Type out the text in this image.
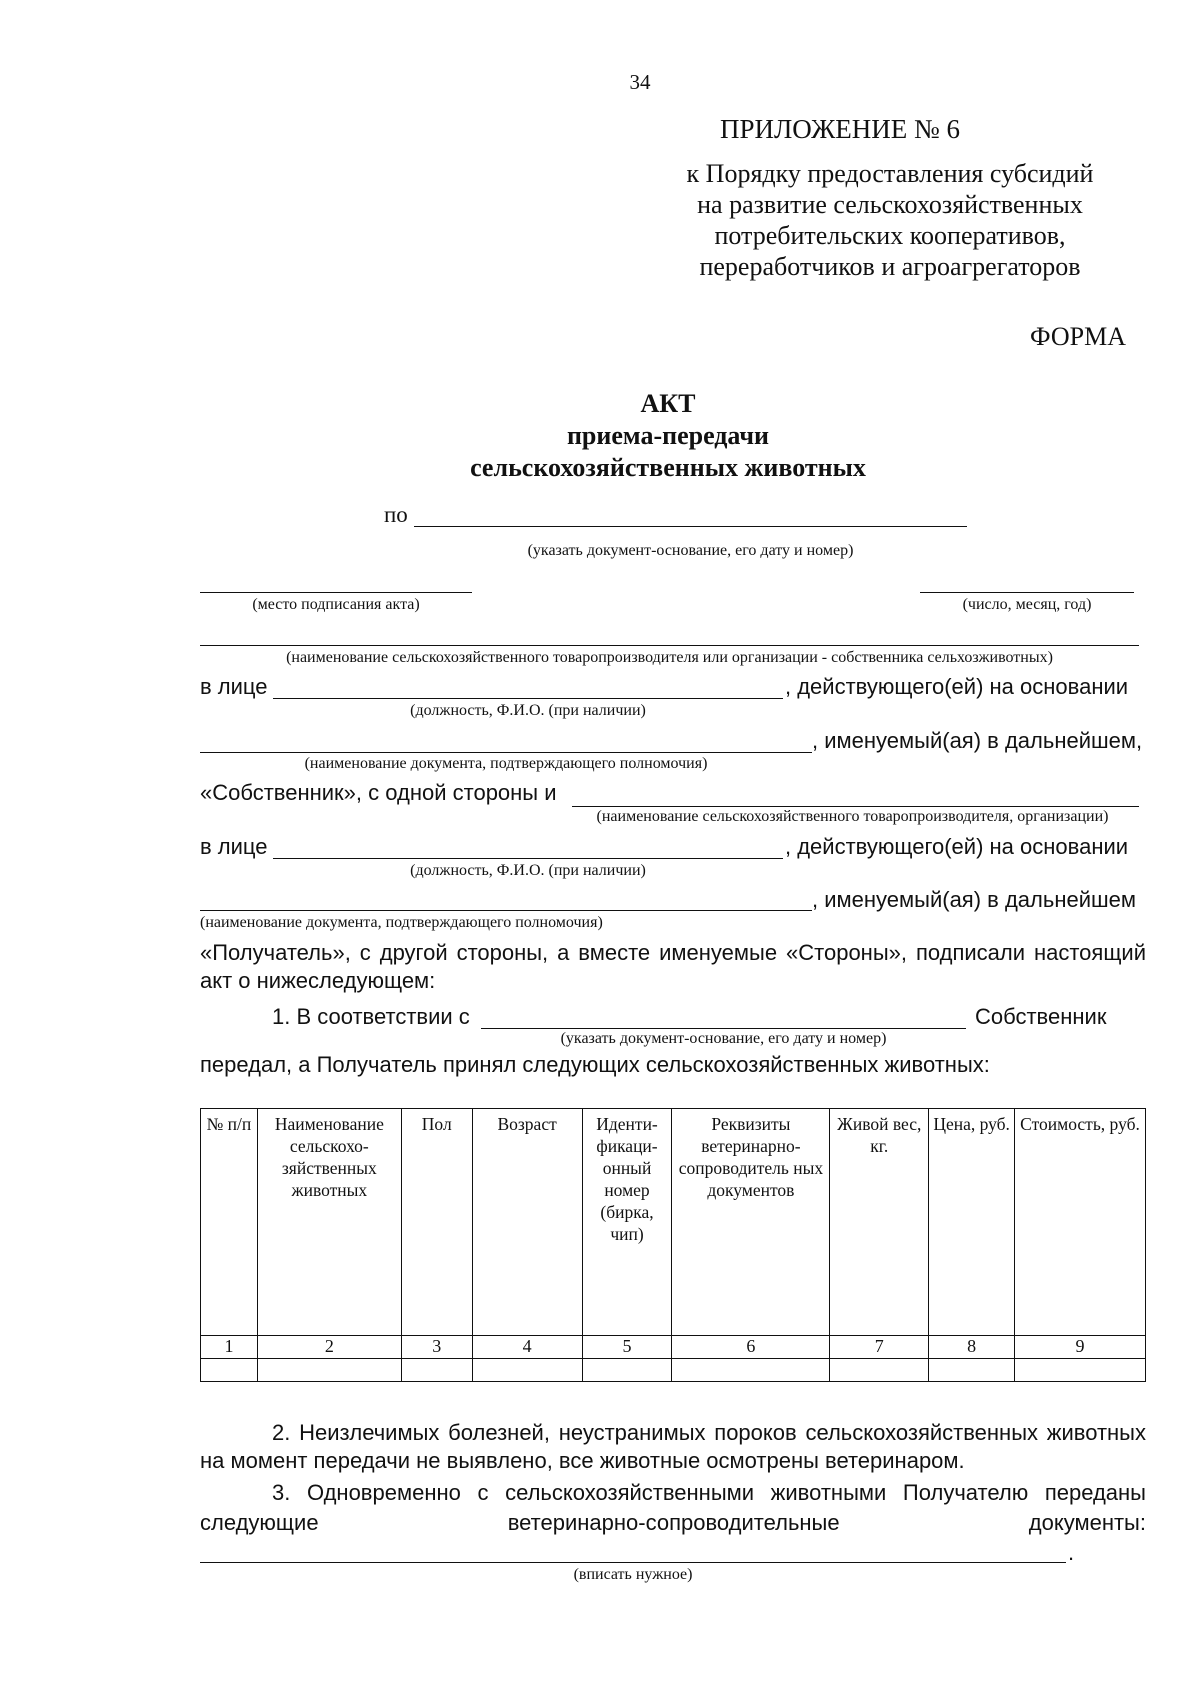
34
ПРИЛОЖЕНИЕ № 6
к Порядку предоставления субсидий
на развитие сельскохозяйственных
потребительских кооперативов,
переработчиков и агроагрегаторов
ФОРМА
АКТ
приема-передачи
сельскохозяйственных животных
по
(указать документ-основание, его дату и номер)
(место подписания акта)	(число, месяц, год)
(наименование сельскохозяйственного товаропроизводителя или организации - собственника сельхозживотных)
в лице	, действующего(ей) на основании
(должность, Ф.И.О. (при наличии)
, именуемый(ая) в дальнейшем,
(наименование документа, подтверждающего полномочия)
«Собственник», с одной стороны и
(наименование сельскохозяйственного товаропроизводителя, организации)
в лице	, действующего(ей) на основании
(должность, Ф.И.О. (при наличии)
, именуемый(ая) в дальнейшем
(наименование документа, подтверждающего полномочия)
«Получатель», с другой стороны, а вместе именуемые «Стороны», подписали настоящий
акт о нижеследующем:
1. В соответствии с	Собственник
(указать документ-основание, его дату и номер)
передал, а Получатель принял следующих сельскохозяйственных животных:
№ п/п	Наименование сельскохо-зяйственных животных	Пол	Возраст	Иденти-фикаци-онный номер (бирка, чип)	Реквизиты ветеринарно-сопроводитель ных документов	Живой вес, кг.	Цена, руб.	Стоимость, руб.
1	2	3	4	5	6	7	8	9

2. Неизлечимых болезней, неустранимых пороков сельскохозяйственных животных
на момент передачи не выявлено, все животные осмотрены ветеринаром.
3. Одновременно с сельскохозяйственными животными Получателю переданы
следующие	ветеринарно-сопроводительные	документы:
.
(вписать нужное)
